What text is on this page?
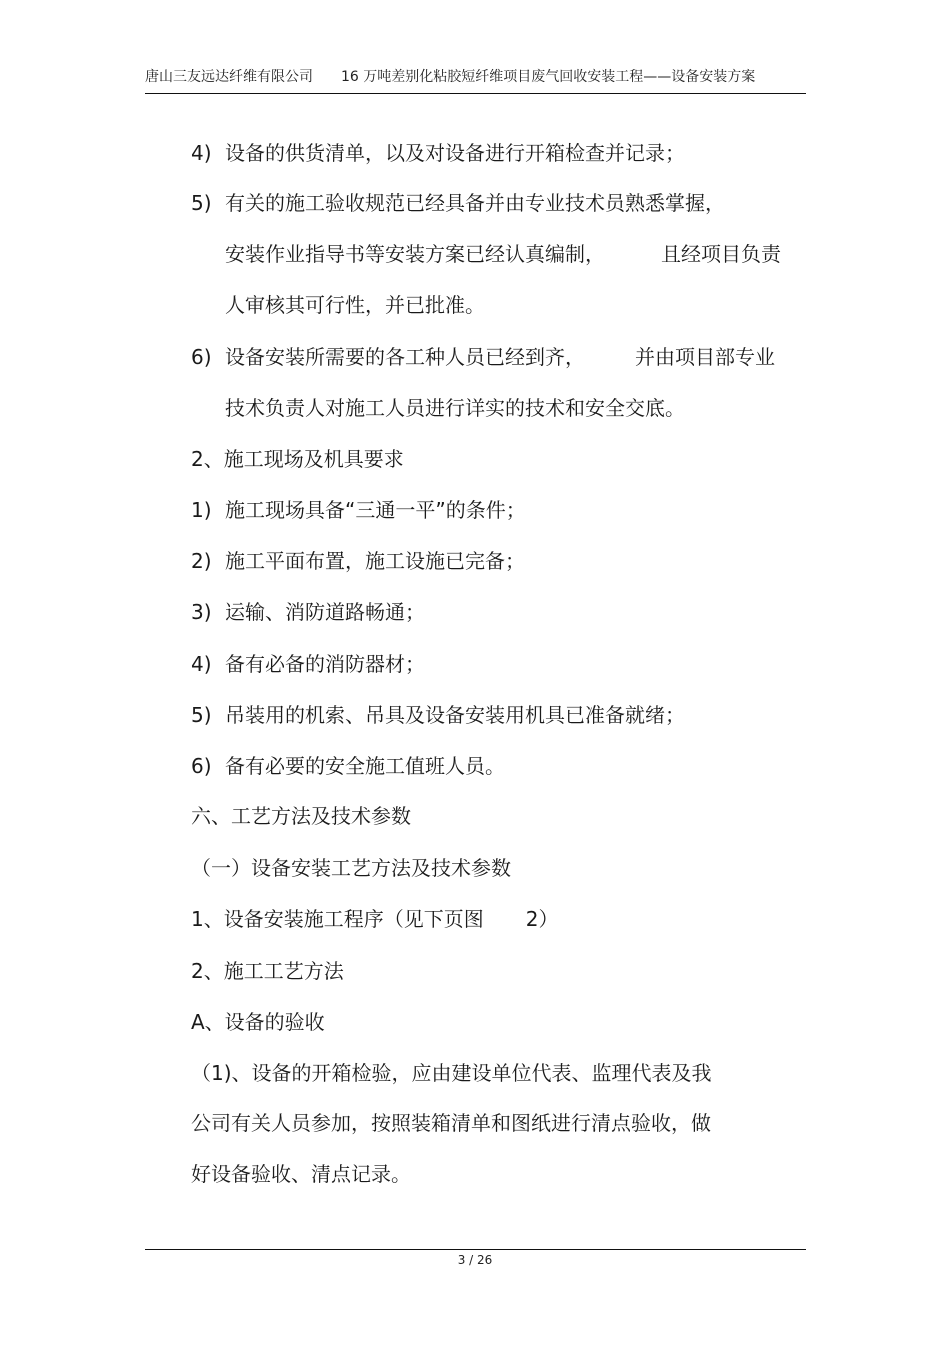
唐山三友远达纤维有限公司 16 万吨差别化粘胶短纤维项目废气回收安装工程——设备安装方案
4) 设备的供货清单，以及对设备进行开箱检查并记录；
5) 有关的施工验收规范已经具备并由专业技术员熟悉掌握，
安装作业指导书等安装方案已经认真编制，	且经项目负责
人审核其可行性，并已批准。
6) 设备安装所需要的各工种人员已经到齐，	并由项目部专业
技术负责人对施工人员进行详实的技术和安全交底。
2、施工现场及机具要求
1) 施工现场具备“三通一平”的条件；
2) 施工平面布置，施工设施已完备；
3) 运输、消防道路畅通；
4) 备有必备的消防器材；
5) 吊装用的机索、吊具及设备安装用机具已准备就绪；
6) 备有必要的安全施工值班人员。
六、工艺方法及技术参数
（一）设备安装工艺方法及技术参数
1、设备安装施工程序（见下页图 2）
2、施工工艺方法
A、设备的验收
（1)、设备的开箱检验，应由建设单位代表、监理代表及我
公司有关人员参加，按照装箱清单和图纸进行清点验收，做
好设备验收、清点记录。
3 / 26
